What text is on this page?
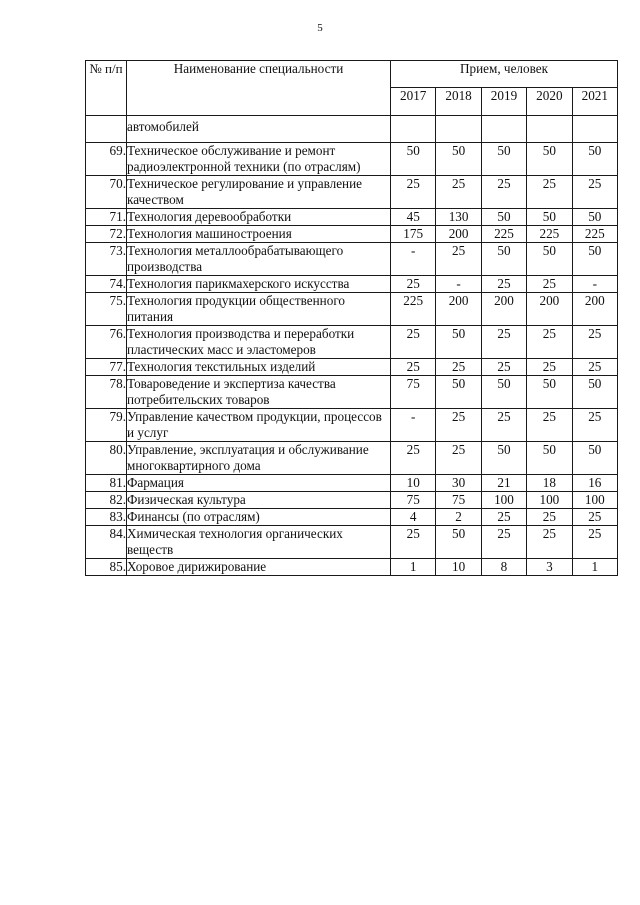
5
№ п/п	Наименование специальности	Прием, человек				
		2017	2018	2019	2020	2021
	автомобилей					
69.	Техническое обслуживание и ремонт радиоэлектронной техники (по отраслям)	50	50	50	50	50
70.	Техническое регулирование и управление качеством	25	25	25	25	25
71.	Технология деревообработки	45	130	50	50	50
72.	Технология машиностроения	175	200	225	225	225
73.	Технология металлообрабатывающего производства	-	25	50	50	50
74.	Технология парикмахерского искусства	25	-	25	25	-
75.	Технология продукции общественного питания	225	200	200	200	200
76.	Технология производства и переработки пластических масс и эластомеров	25	50	25	25	25
77.	Технология текстильных изделий	25	25	25	25	25
78.	Товароведение и экспертиза качества потребительских товаров	75	50	50	50	50
79.	Управление качеством продукции, процессов и услуг	-	25	25	25	25
80.	Управление, эксплуатация и обслуживание многоквартирного дома	25	25	50	50	50
81.	Фармация	10	30	21	18	16
82.	Физическая культура	75	75	100	100	100
83.	Финансы (по отраслям)	4	2	25	25	25
84.	Химическая технология органических веществ	25	50	25	25	25
85.	Хоровое дирижирование	1	10	8	3	1
